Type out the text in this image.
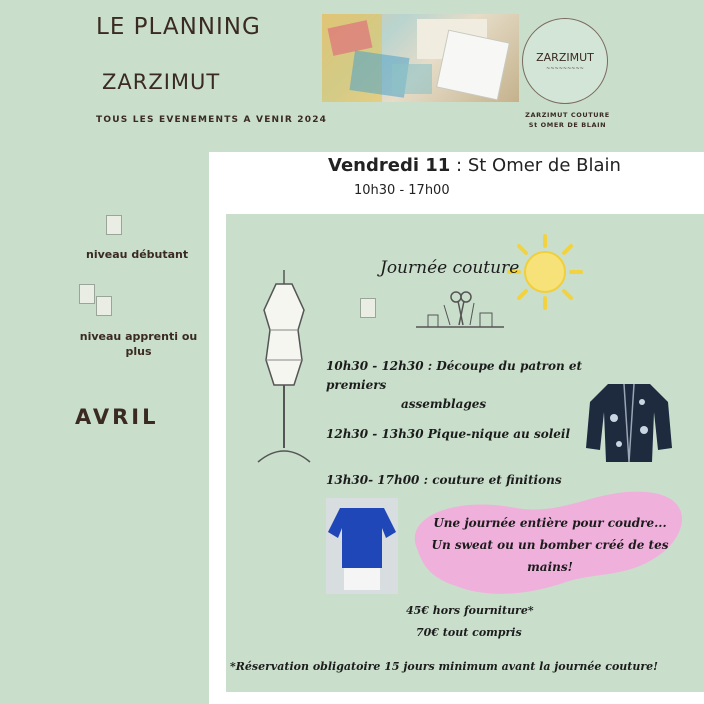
LE PLANNING
ZARZIMUT
TOUS LES EVENEMENTS A VENIR 2024
ZARZIMUT
~~~~~~~~~
ZARZIMUT COUTURE
St OMER DE BLAIN
niveau débutant
niveau apprenti ou plus
AVRIL
Vendredi 11 : St Omer de Blain
10h30 - 17h00
Journée couture
10h30 - 12h30 : Découpe du patron et premiers
assemblages
12h30 - 13h30 Pique-nique au soleil
13h30- 17h00 : couture et finitions
Une journée entière pour coudre...
Un sweat ou un bomber créé de tes
mains!
45€ hors fourniture*
70€ tout compris
*Réservation obligatoire 15 jours minimum avant la journée couture!
